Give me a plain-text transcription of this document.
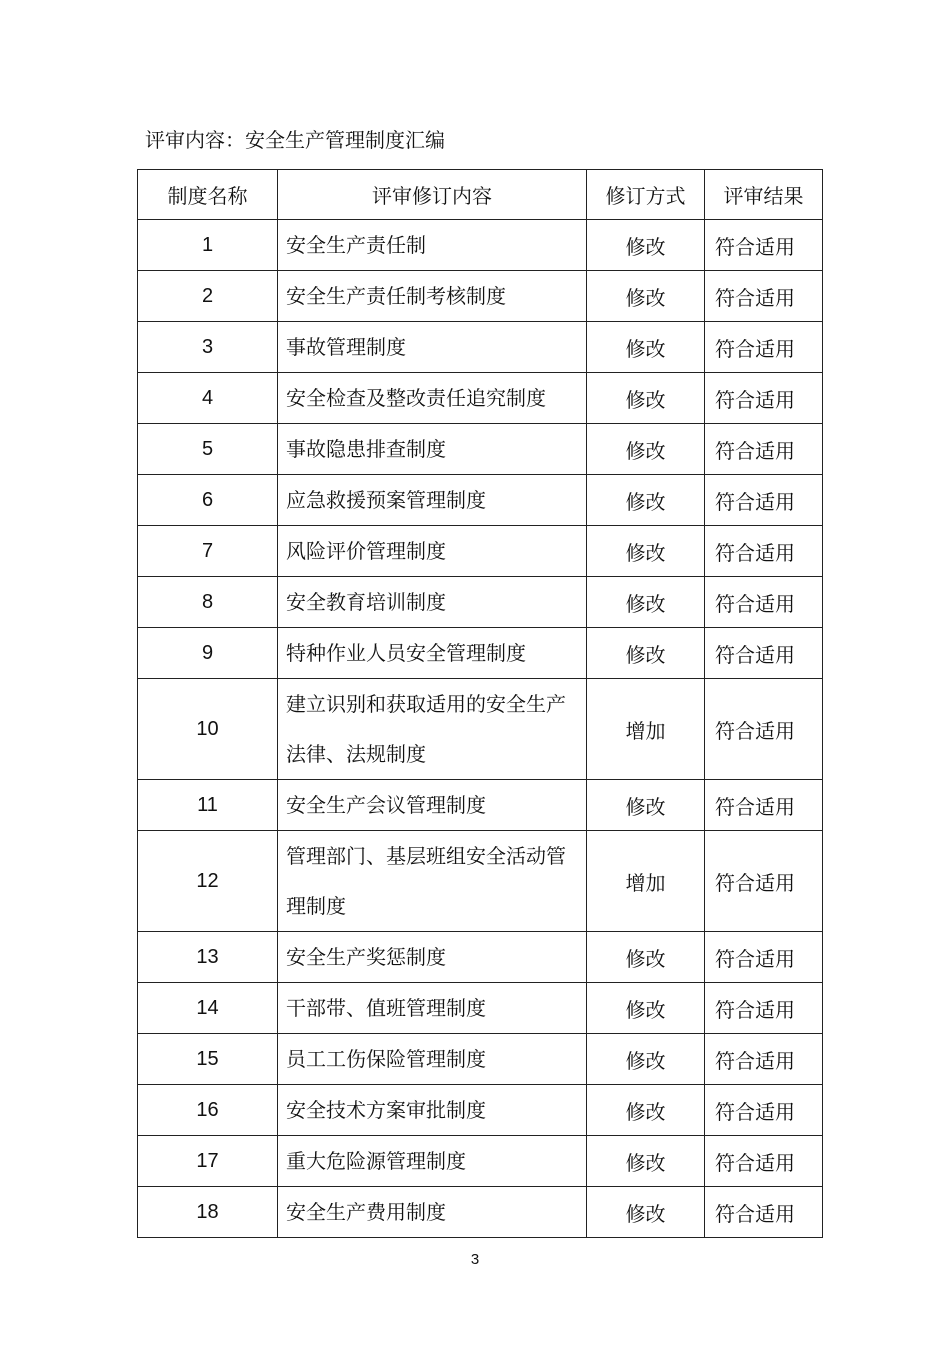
评审内容：安全生产管理制度汇编
制度名称	评审修订内容	修订方式	评审结果
1	安全生产责任制	修改	符合适用
2	安全生产责任制考核制度	修改	符合适用
3	事故管理制度	修改	符合适用
4	安全检查及整改责任追究制度	修改	符合适用
5	事故隐患排查制度	修改	符合适用
6	应急救援预案管理制度	修改	符合适用
7	风险评价管理制度	修改	符合适用
8	安全教育培训制度	修改	符合适用
9	特种作业人员安全管理制度	修改	符合适用
10	建立识别和获取适用的安全生产法律、法规制度	增加	符合适用
11	安全生产会议管理制度	修改	符合适用
12	管理部门、基层班组安全活动管理制度	增加	符合适用
13	安全生产奖惩制度	修改	符合适用
14	干部带、值班管理制度	修改	符合适用
15	员工工伤保险管理制度	修改	符合适用
16	安全技术方案审批制度	修改	符合适用
17	重大危险源管理制度	修改	符合适用
18	安全生产费用制度	修改	符合适用
3
